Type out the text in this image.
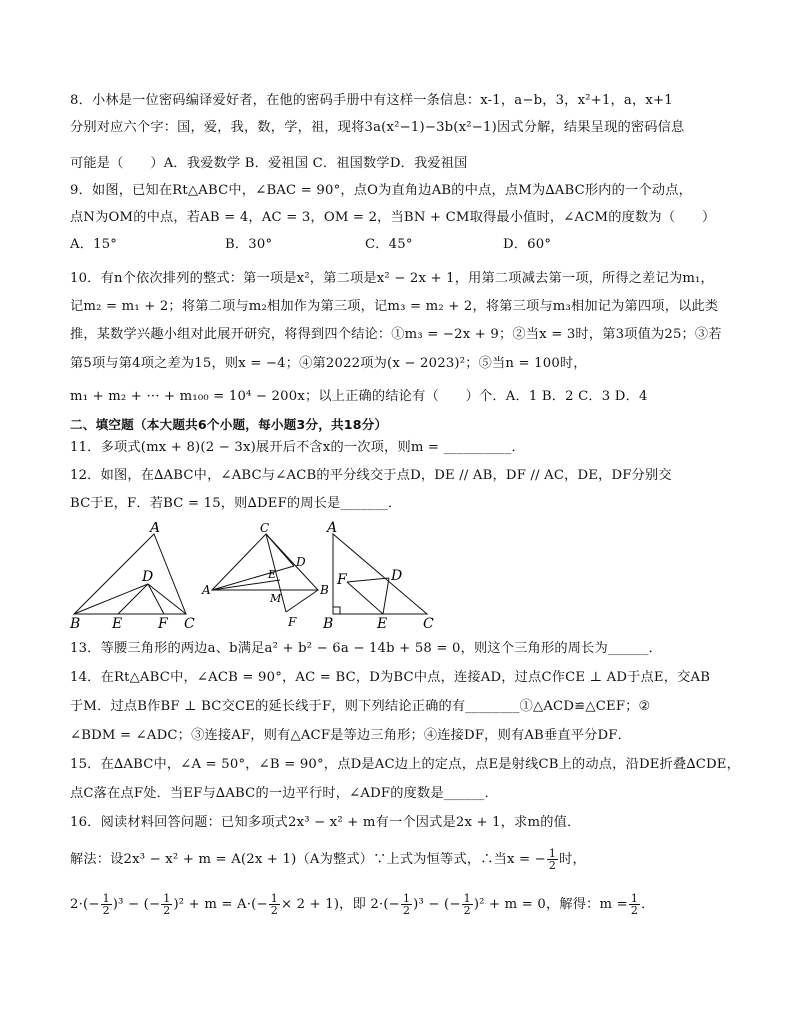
8．小林是一位密码编译爱好者，在他的密码手册中有这样一条信息：x-1，a−b，3，x²+1，a，x+1
分别对应六个字：国，爱，我，数，学，祖，现将3a(x²−1)−3b(x²−1)因式分解，结果呈现的密码信息
可能是（　　）A．我爱数学 B．爱祖国 C．祖国数学D．我爱祖国
9．如图，已知在Rt△ABC中，∠BAC = 90°，点O为直角边AB的中点，点M为∆ABC形内的一个动点，
点N为OM的中点，若AB = 4，AC = 3，OM = 2，当BN + CM取得最小值时，∠ACM的度数为（　　）
A．15°	B．30°	C．45°	D．60°
10．有n个依次排列的整式：第一项是x²，第二项是x² − 2x + 1，用第二项减去第一项，所得之差记为m₁，
记m₂ = m₁ + 2；将第二项与m₂相加作为第三项，记m₃ = m₂ + 2，将第三项与m₃相加记为第四项，以此类
推，某数学兴趣小组对此展开研究，将得到四个结论：①m₃ = −2x + 9；②当x = 3时，第3项值为25；③若
第5项与第4项之差为15，则x = −4；④第2022项为(x − 2023)²；⑤当n = 100时，
m₁ + m₂ + ··· + m₁₀₀ = 10⁴ − 200x；以上正确的结论有（　　）个．A．1 B．2 C．3 D．4
二、填空题（本大题共6个小题，每小题3分，共18分）
11．多项式(mx + 8)(2 − 3x)展开后不含x的一次项，则m = __________．
12．如图，在∆ABC中，∠ABC与∠ACB的平分线交于点D，DE // AB，DF // AC，DE，DF分别交
BC于E，F．若BC = 15，则∆DEF的周长是_______．
A
B	C
D
E	F
C
A	B
D
E
F
M
A
B	C
D
E
F
13．等腰三角形的两边a、b满足a² + b² − 6a − 14b + 58 = 0，则这个三角形的周长为______．
14．在Rt△ABC中，∠ACB = 90°，AC = BC，D为BC中点，连接AD，过点C作CE ⊥ AD于点E，交AB
于M．过点B作BF ⊥ BC交CE的延长线于F，则下列结论正确的有________①△ACD≌△CEF；②
∠BDM = ∠ADC；③连接AF，则有△ACF是等边三角形；④连接DF，则有AB垂直平分DF．
15．在∆ABC中，∠A = 50°，∠B = 90°，点D是AC边上的定点，点E是射线CB上的动点，沿DE折叠∆CDE，
点C落在点F处．当EF与∆ABC的一边平行时，∠ADF的度数是______．
16．阅读材料回答问题：已知多项式2x³ − x² + m有一个因式是2x + 1，求m的值．
解法：设2x³ − x² + m = A(2x + 1)（A为整式）∵上式为恒等式，∴当x = − $\frac{1}{2}$ 时，
$2\cdot(- \frac{1}{2} )^3$ − (− $\frac{1}{2} )^2 + m = A\cdot(- \frac{1}{2} \times 2 + 1)$，即 $2\cdot(- \frac{1}{2} )^3$ − (− $\frac{1}{2} )^2 + m = 0$，解得：$m = \frac{1}{2}$ ．
